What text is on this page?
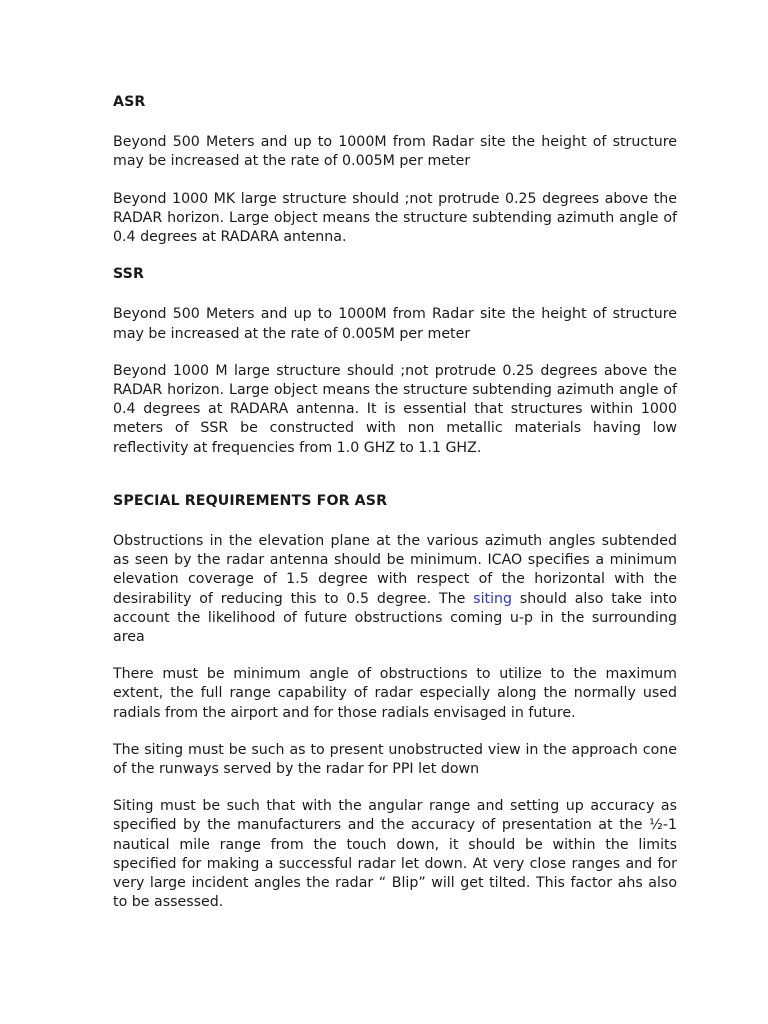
ASR

Beyond 500 Meters and up to 1000M from Radar site the height of structure may be increased at the rate of 0.005M per meter

Beyond 1000 MK large structure should ;not protrude 0.25 degrees above the RADAR horizon. Large object means the structure subtending azimuth angle of 0.4 degrees at RADARA antenna.

SSR

Beyond 500 Meters and up to 1000M from Radar site the height of structure may be increased at the rate of 0.005M per meter

Beyond 1000 M large structure should ;not protrude 0.25 degrees above the RADAR horizon. Large object means the structure subtending azimuth angle of 0.4 degrees at RADARA antenna. It is essential that structures within 1000 meters of SSR be constructed with non metallic materials having low reflectivity at frequencies from 1.0 GHZ to 1.1 GHZ.

SPECIAL REQUIREMENTS FOR ASR

Obstructions in the elevation plane at the various azimuth angles subtended as seen by the radar antenna should be minimum. ICAO specifies a minimum elevation coverage of 1.5 degree with respect of the horizontal with the desirability of reducing this to 0.5 degree. The siting should also take into account the likelihood of future obstructions coming u-p in the surrounding area

There must be minimum angle of obstructions to utilize to the maximum extent, the full range capability of radar especially along the normally used radials from the airport and for those radials envisaged in future.

The siting must be such as to present unobstructed view in the approach cone of the runways served by the radar for PPI let down

Siting must be such that with the angular range and setting up accuracy as specified by the manufacturers and the accuracy of presentation at the ½-1 nautical mile range from the touch down, it should be within the limits specified for making a successful radar let down. At very close ranges and for very large incident angles the radar “ Blip” will get tilted. This factor ahs also to be assessed.
